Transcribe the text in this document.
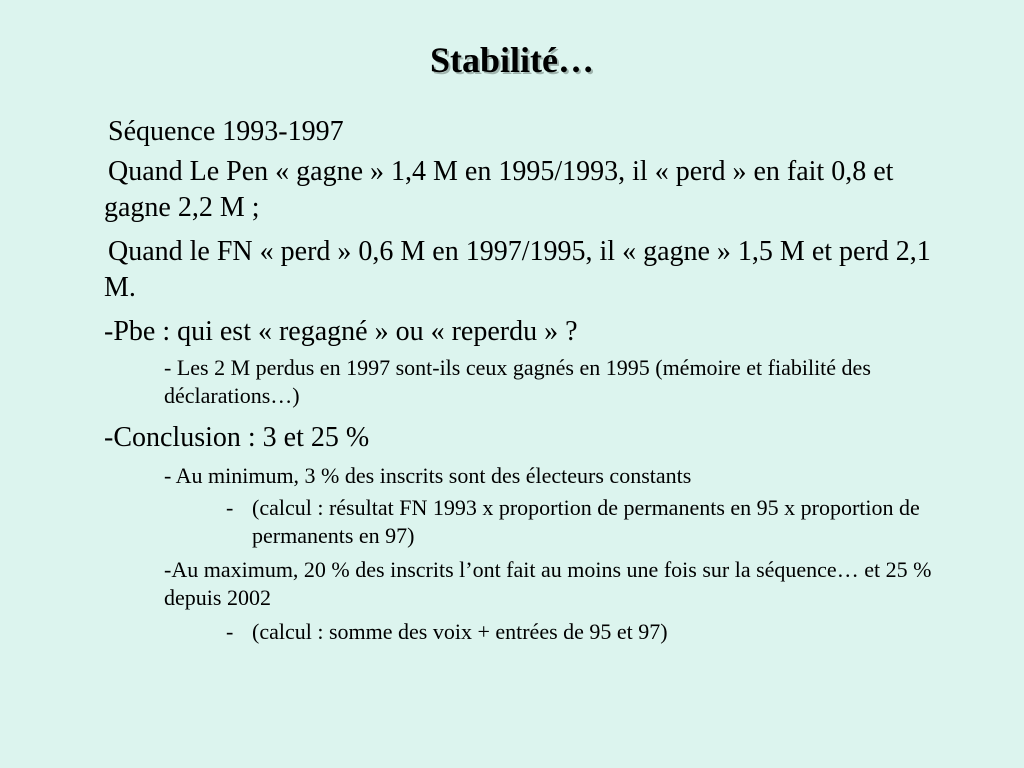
Stabilité…

Séquence 1993-1997

Quand Le Pen « gagne » 1,4 M en 1995/1993, il « perd » en fait 0,8 et gagne 2,2 M ;

Quand le FN « perd » 0,6 M en 1997/1995, il « gagne » 1,5 M et perd 2,1 M.

-Pbe : qui est « regagné » ou « reperdu » ?

- Les 2 M perdus en 1997 sont-ils ceux gagnés en 1995 (mémoire et fiabilité des déclarations…)

-Conclusion : 3 et 25 %

- Au minimum, 3 % des inscrits sont des électeurs constants

- (calcul : résultat FN 1993 x proportion de permanents en 95 x proportion de permanents en 97)

-Au maximum, 20 % des inscrits l’ont fait au moins une fois sur la séquence… et 25 % depuis 2002

- (calcul : somme des voix + entrées de 95 et 97)
